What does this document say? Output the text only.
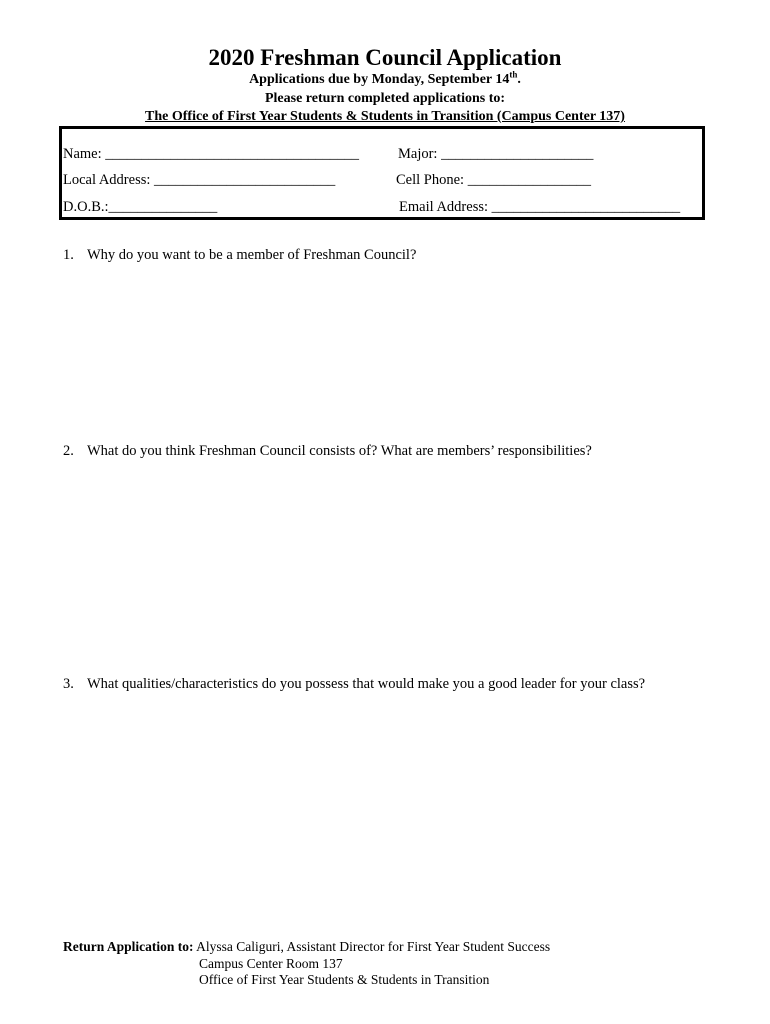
2020 Freshman Council Application
Applications due by Monday, September 14th.
Please return completed applications to:
The Office of First Year Students & Students in Transition (Campus Center 137)
Name: ___________________________________	Major: _____________________
Local Address: _________________________	Cell Phone: _________________
D.O.B.:_______________	Email Address: __________________________
1. Why do you want to be a member of Freshman Council?
2. What do you think Freshman Council consists of? What are members’ responsibilities?
3. What qualities/characteristics do you possess that would make you a good leader for your class?
Return Application to: Alyssa Caliguri, Assistant Director for First Year Student Success
Campus Center Room 137
Office of First Year Students & Students in Transition
